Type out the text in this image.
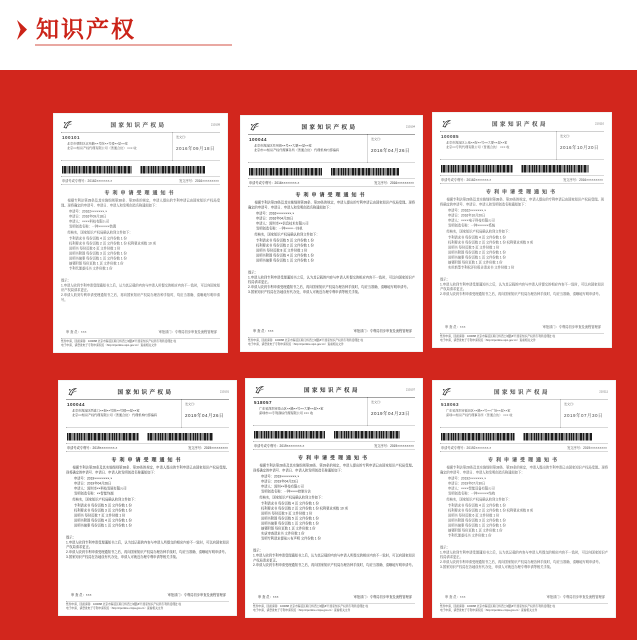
知识产权
国家知识产权局	210109
100101
北京市朝阳区北苑路××号院××号楼××层××室
北京××知识产权代理有限公司（普通合伙） ××× 收
发文日：
2016年09月18日
申请号或专利号：20162×××××××.×	发文序号：2016×××××××××
专利申请受理通知书
根据专利法第28条及其实施细则第38条、第39条的规定，申请人提出的专利申请已由国家知识产权局受理。现将确定的申请号、申请日、申请人和发明创造名称通知如下：
申请号：20162×××××××.×
申请日：2016年09月18日
申请人：××××科技有限公司
发明创造名称：一种××××××装置
经核实，国家知识产权局确认收到文件如下：
专利请求书 每份页数 4 页 文件份数 1 份
权利要求书 每份页数 2 页 文件份数 1 份 权利要求项数 10 项
说明书 每份页数 6 页 文件份数 1 份
说明书附图 每份页数 3 页 文件份数 1 份
说明书摘要 每份页数 1 页 文件份数 1 份
摘要附图 每份页数 1 页 文件份数 1 份
专利代理委托书 文件份数 1 份
提示：
1.申请人收到专利申请受理通知书之后，认为其记载的内容与申请人所提交的相应内容不一致时，可以向国家知识产权局请求更正。
2.申请人收到专利申请受理通知书之后，再向国家知识产权局办理各种手续时，均应当准确、清晰地写明申请号。
审 查 员：×××	审批部门：专利局初步审查及流程管理部
纸件申请，回函请寄：100088 北京市海淀区蓟门桥西土城路6号 国家知识产权局专利局受理处 收
电子申请，请登录电子专利申请系统（http://cponline.sipo.gov.cn）查看相关文件
国家知识产权局	210104
100044
北京市海淀区苏州街××号××大厦××层××室
北京市××知识产权代理事务所（普通合伙） 代理机构内部编码
发文日：
2016年04月26日
申请号或专利号：2016××××××××.×	发文序号：2016×××××××××
专利申请受理通知书
根据专利法第28条及其实施细则第38条、第39条的规定，申请人提出的专利申请已由国家知识产权局受理。现将确定的申请号、申请日、申请人和发明创造名称通知如下：
申请号：2016××××××××.×
申请日：2016年04月26日
申请人：深圳市××信息技术有限公司
发明创造名称：一种××××一体机
经核实，国家知识产权局确认收到文件如下：
专利请求书 每份页数 5 页 文件份数 1 份
权利要求书 每份页数 2 页 文件份数 1 份
说明书 每份页数 8 页 文件份数 1 份
说明书附图 每份页数 4 页 文件份数 1 份
说明书摘要 每份页数 1 页 文件份数 1 份
提示：
1.申请人收到专利申请受理通知书之后，认为其记载的内容与申请人所提交的相应内容不一致时，可以向国家知识产权局请求更正。
2.申请人收到专利申请受理通知书之后，再向国家知识产权局办理各种手续时，均应当准确、清晰地写明申请号。
3.国家知识产权局在各地设有代办处，申请人可就近办理专利申请等相关手续。
审 查 员：×××	审批部门：专利局初步审查及流程管理部
纸件申请，回函请寄：100088 北京市海淀区蓟门桥西土城路6号 国家知识产权局专利局受理处 收
电子申请，请登录电子专利申请系统（http://cponline.sipo.gov.cn）查看相关文件
国家知识产权局	210110
100085
北京市海淀区上地××街××号××大厦××层××室
北京××专利代理有限公司（普通合伙） ××× 收
发文日：
2016年10月20日
申请号或专利号：20162×××××××.×	发文序号：2016×××××××××
专利申请受理通知书
根据专利法第28条及其实施细则第38条、第39条的规定，申请人提出的专利申请已由国家知识产权局受理。现将确定的申请号、申请日、申请人和发明创造名称通知如下：
申请号：20162×××××××.×
申请日：2016年10月20日
申请人：××××电子科技有限公司
发明创造名称：一种××××××系统
经核实，国家知识产权局确认收到文件如下：
专利请求书 每份页数 4 页 文件份数 1 份
权利要求书 每份页数 2 页 文件份数 1 份 权利要求项数 9 项
说明书 每份页数 5 页 文件份数 1 份
说明书附图 每份页数 2 页 文件份数 1 份
说明书摘要 每份页数 1 页 文件份数 1 份
摘要附图 每份页数 1 页 文件份数 1 份
实用新型专利权评价报告请求书 文件份数 1 份
提示：
1.申请人收到专利申请受理通知书之后，认为其记载的内容与申请人所提交的相应内容不一致时，可以向国家知识产权局请求更正。
2.申请人收到专利申请受理通知书之后，再向国家知识产权局办理各种手续时，均应当准确、清晰地写明申请号。
审 查 员：×××	审批部门：专利局初步审查及流程管理部
纸件申请，回函请寄：100088 北京市海淀区蓟门桥西土城路6号 国家知识产权局专利局受理处 收
电子申请，请登录电子专利申请系统（http://cponline.sipo.gov.cn）查看相关文件
国家知识产权局	210101
100044
北京市海淀区西直门××街××号院××号楼××层××室
北京××知识产权代理有限公司（普通合伙） 代理机构内部编码
发文日：
2019年04月26日
申请号或专利号：2019××××××××.×	发文序号：2019×××××××××
专利申请受理通知书
根据专利法第28条及其实施细则第38条、第39条的规定，申请人提出的专利申请已由国家知识产权局受理。现将确定的申请号、申请日、申请人和发明创造名称通知如下：
申请号：2019××××××××.×
申请日：2019年04月26日
申请人：深圳市××科技发展有限公司
发明创造名称：××智能终端
经核实，国家知识产权局确认收到文件如下：
专利请求书 每份页数 5 页 文件份数 1 份
权利要求书 每份页数 3 页 文件份数 1 份
说明书 每份页数 7 页 文件份数 1 份
说明书附图 每份页数 4 页 文件份数 1 份
说明书摘要 每份页数 1 页 文件份数 1 份
提示：
1.申请人收到专利申请受理通知书之后，认为其记载的内容与申请人所提交的相应内容不一致时，可以向国家知识产权局请求更正。
2.申请人收到专利申请受理通知书之后，再向国家知识产权局办理各种手续时，均应当准确、清晰地写明申请号。
3.国家知识产权局在各地设有代办处，申请人可就近办理专利申请等相关手续。
审 查 员：×××	审批部门：专利局初步审查及流程管理部
纸件申请，回函请寄：100088 北京市海淀区蓟门桥西土城路6号 国家知识产权局专利局受理处 收
电子申请，请登录电子专利申请系统（http://cponline.cnipa.gov.cn）查看相关文件
国家知识产权局	210107
518057
广东省深圳市南山区××路××号××大厦××层××室
深圳市××专利商标代理有限公司 ××× 收
发文日：
2019年04月23日
申请号或专利号：2019××××××××.×	发文序号：2019×××××××××
专利申请受理通知书
根据专利法第28条及其实施细则第38条、第39条的规定，申请人提出的专利申请已由国家知识产权局受理。现将确定的申请号、申请日、申请人和发明创造名称通知如下：
申请号：2019××××××××.×
申请日：2019年04月23日
申请人：深圳××科技有限公司
发明创造名称：一种××××控制方法
经核实，国家知识产权局确认收到文件如下：
专利请求书 每份页数 4 页 文件份数 1 份
权利要求书 每份页数 2 页 文件份数 1 份 权利要求项数 10 项
说明书 每份页数 9 页 文件份数 1 份
说明书附图 每份页数 5 页 文件份数 1 份
说明书摘要 每份页数 1 页 文件份数 1 份
摘要附图 每份页数 1 页 文件份数 1 份
实质审查请求书 文件份数 1 份
发明专利请求提前公布声明 文件份数 1 份
提示：
1.申请人收到专利申请受理通知书之后，认为其记载的内容与申请人所提交的相应内容不一致时，可以向国家知识产权局请求更正。
2.申请人收到专利申请受理通知书之后，再向国家知识产权局办理各种手续时，均应当准确、清晰地写明申请号。
审 查 员：×××	审批部门：专利局初步审查及流程管理部
纸件申请，回函请寄：100088 北京市海淀区蓟门桥西土城路6号 国家知识产权局专利局受理处 收
电子申请，请登录电子专利申请系统（http://cponline.cnipa.gov.cn）查看相关文件
国家知识产权局	210111
518063
广东省深圳市福田区××路××号××广场××层××室
深圳××知识产权代理事务所（普通合伙） ××× 收
发文日：
2019年07月30日
申请号或专利号：20192×××××××.×	发文序号：2019×××××××××
专利申请受理通知书
根据专利法第28条及其实施细则第38条、第39条的规定，申请人提出的专利申请已由国家知识产权局受理。现将确定的申请号、申请日、申请人和发明创造名称通知如下：
申请号：20192×××××××.×
申请日：2019年07月30日
申请人：××××智能设备有限公司
发明创造名称：一种××××××结构
经核实，国家知识产权局确认收到文件如下：
专利请求书 每份页数 4 页 文件份数 1 份
权利要求书 每份页数 2 页 文件份数 1 份 权利要求项数 8 项
说明书 每份页数 6 页 文件份数 1 份
说明书附图 每份页数 3 页 文件份数 1 份
说明书摘要 每份页数 1 页 文件份数 1 份
摘要附图 每份页数 1 页 文件份数 1 份
专利代理委托书 文件份数 1 份
提示：
1.申请人收到专利申请受理通知书之后，认为其记载的内容与申请人所提交的相应内容不一致时，可以向国家知识产权局请求更正。
2.申请人收到专利申请受理通知书之后，再向国家知识产权局办理各种手续时，均应当准确、清晰地写明申请号。
3.国家知识产权局在各地设有代办处，申请人可就近办理专利申请等相关手续。
审 查 员：×××	审批部门：专利局初步审查及流程管理部
纸件申请，回函请寄：100088 北京市海淀区蓟门桥西土城路6号 国家知识产权局专利局受理处 收
电子申请，请登录电子专利申请系统（http://cponline.cnipa.gov.cn）查看相关文件
